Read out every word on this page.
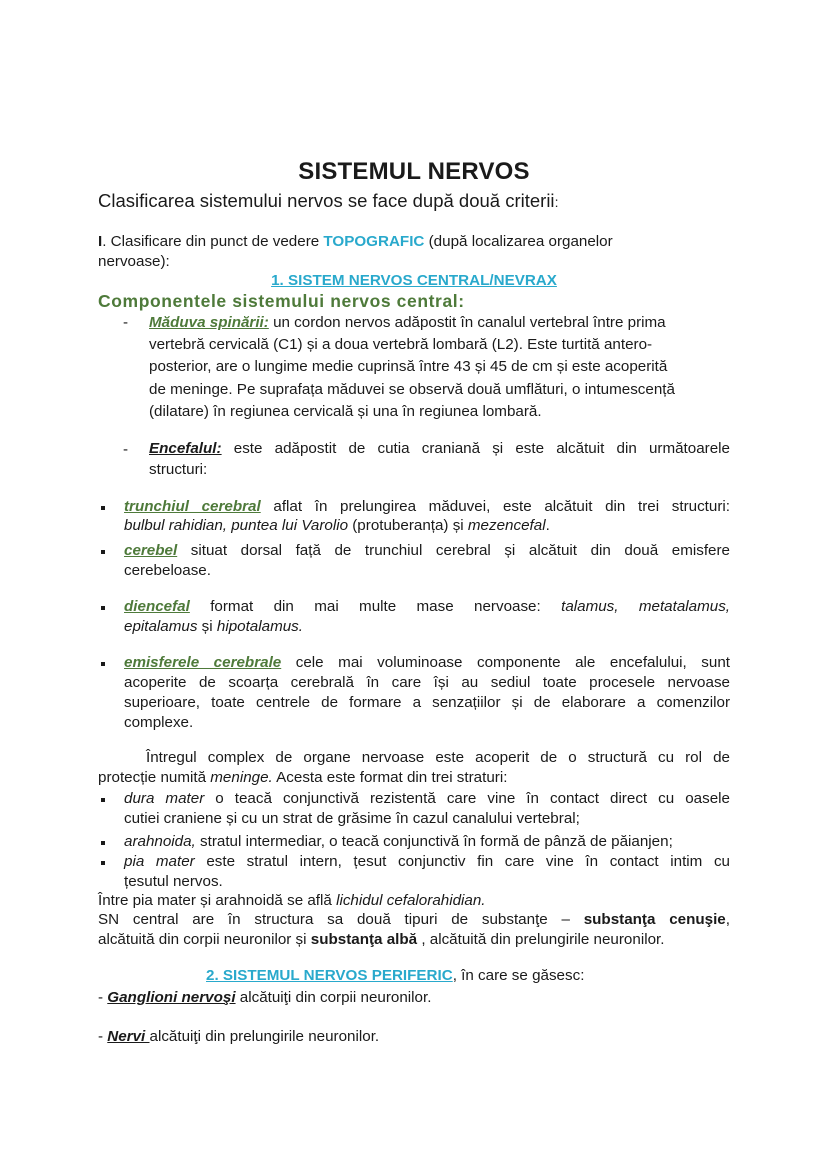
SISTEMUL NERVOS
Clasificarea sistemului nervos se face după două criterii:
I. Clasificare din punct de vedere TOPOGRAFIC (după localizarea organelor
nervoase):
1. SISTEM NERVOS CENTRAL/NEVRAX
Componentele sistemului nervos central:
- Măduva spinării: un cordon nervos adăpostit în canalul vertebral între prima
vertebră cervicală (C1) și a doua vertebră lombară (L2). Este turtită antero-
posterior, are o lungime medie cuprinsă între 43 și 45 de cm și este acoperită
de meninge. Pe suprafața măduvei se observă două umflături, o intumescență
(dilatare) în regiunea cervicală și una în regiunea lombară.
- Encefalul: este adăpostit de cutia craniană și este alcătuit din următoarele
structuri:
trunchiul cerebral aflat în prelungirea măduvei, este alcătuit din trei structuri:
bulbul rahidian, puntea lui Varolio (protuberanța) și mezencefal.
cerebel situat dorsal față de trunchiul cerebral și alcătuit din două emisfere
cerebeloase.
diencefal format din mai multe mase nervoase: talamus, metatalamus,
epitalamus și hipotalamus.
emisferele cerebrale cele mai voluminoase componente ale encefalului, sunt
acoperite de scoarța cerebrală în care își au sediul toate procesele nervoase
superioare, toate centrele de formare a senzațiilor și de elaborare a comenzilor
complexe.
Întregul complex de organe nervoase este acoperit de o structură cu rol de
protecție numită meninge. Acesta este format din trei straturi:
dura mater o teacă conjunctivă rezistentă care vine în contact direct cu oasele
cutiei craniene și cu un strat de grăsime în cazul canalului vertebral;
arahnoida, stratul intermediar, o teacă conjunctivă în formă de pânză de păianjen;
pia mater este stratul intern, țesut conjunctiv fin care vine în contact intim cu
țesutul nervos.
Între pia mater și arahnoidă se află lichidul cefalorahidian.
SN central are în structura sa două tipuri de substanţe – substanţa cenuşie,
alcătuită din corpii neuronilor și substanţa albă , alcătuită din prelungirile neuronilor.
2. SISTEMUL NERVOS PERIFERIC, în care se găsesc:
- Ganglioni nervoşi alcătuiţi din corpii neuronilor.
- Nervi alcătuiţi din prelungirile neuronilor.
